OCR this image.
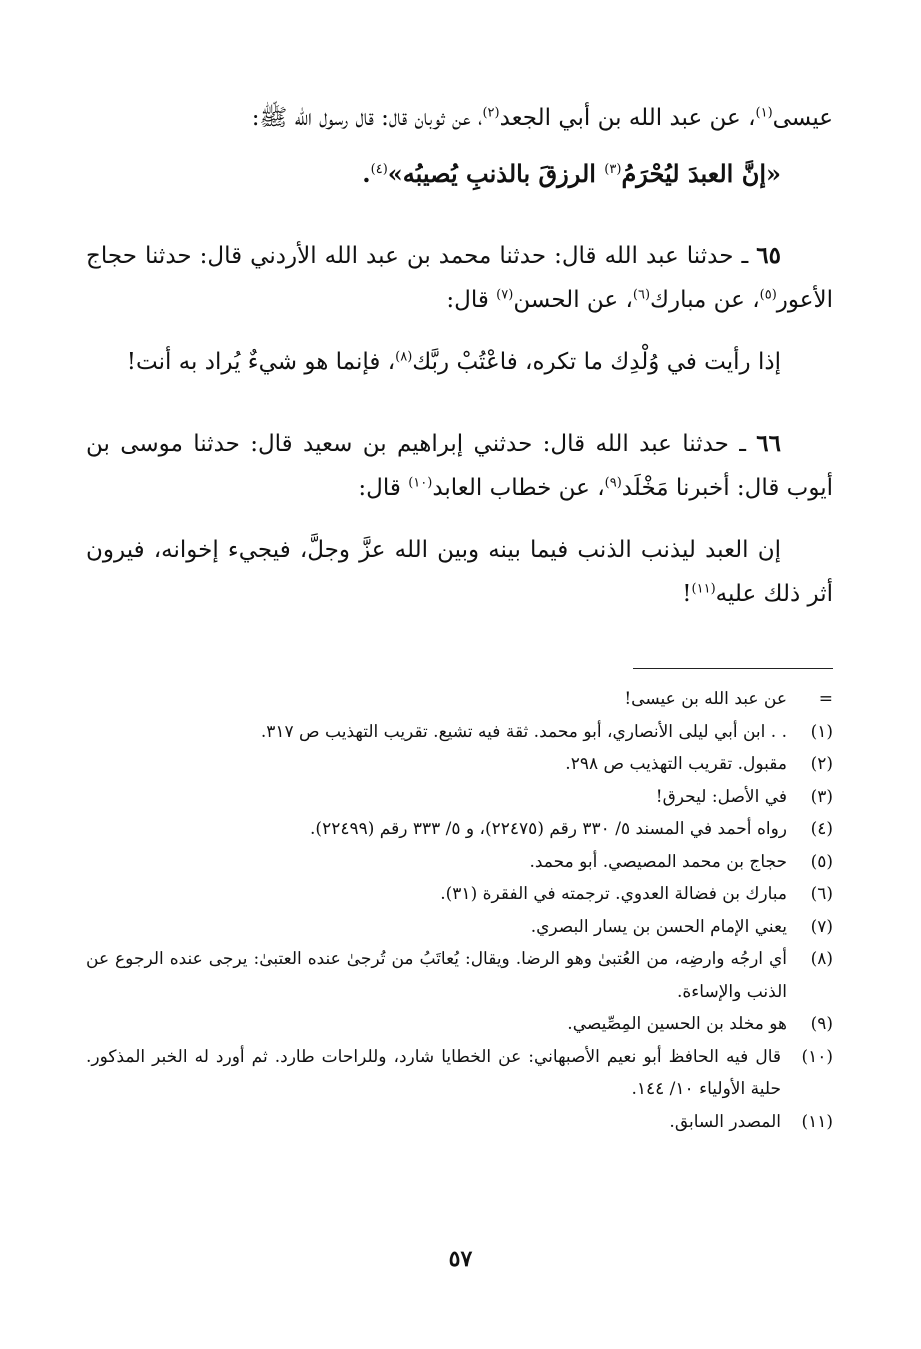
عيسى$^{(١)}$، عن عبد الله بن أبي الجعد$^{(٢)}$، عن ثوبان قال: قال رسول الله ﷺ:

«إنَّ العبدَ ليُحْرَمُ$^{(٣)}$ الرزقَ بالذنبِ يُصيبُه»$^{(٤)}$.
٦٥ ـ حدثنا عبد الله قال: حدثنا محمد بن عبد الله الأردني قال: حدثنا حجاج الأعور$^{(٥)}$، عن مبارك$^{(٦)}$، عن الحسن$^{(٧)}$ قال:
إذا رأيت في وُلْدِك ما تكره، فاعْتُبْ ربَّك$^{(٨)}$، فإنما هو شيءٌ يُراد به أنت!
٦٦ ـ حدثنا عبد الله قال: حدثني إبراهيم بن سعيد قال: حدثنا موسى بن أيوب قال: أخبرنا مَخْلَد$^{(٩)}$، عن خطاب العابد$^{(١٠)}$ قال:
إن العبد ليذنب الذنب فيما بينه وبين الله عزَّ وجلَّ، فيجيء إخوانه، فيرون أثر ذلك عليه$^{(١١)}$!
=
عن عبد الله بن عيسى!
(١)
. . ابن أبي ليلى الأنصاري، أبو محمد. ثقة فيه تشيع. تقريب التهذيب ص ٣١٧.
(٢)
مقبول. تقريب التهذيب ص ٢٩٨.
(٣)
في الأصل: ليحرق!
(٤)
رواه أحمد في المسند ٥/ ٣٣٠ رقم (٢٢٤٧٥)، و ٥/ ٣٣٣ رقم (٢٢٤٩٩).
(٥)
حجاج بن محمد المصيصي. أبو محمد.
(٦)
مبارك بن فضالة العدوي. ترجمته في الفقرة (٣١).
(٧)
يعني الإمام الحسن بن يسار البصري.
(٨)
أي ارجُه وارضِه، من العُتبىٰ وهو الرضا. ويقال: يُعاتَبُ من تُرجىٰ عنده العتبىٰ: يرجى عنده الرجوع عن الذنب والإساءة.
(٩)
هو مخلد بن الحسين المِصِّيصي.
(١٠)
قال فيه الحافظ أبو نعيم الأصبهاني: عن الخطايا شارد، وللراحات طارد. ثم أورد له الخبر المذكور. حلية الأولياء ١٠/ ١٤٤.
(١١)
المصدر السابق.
٥٧
